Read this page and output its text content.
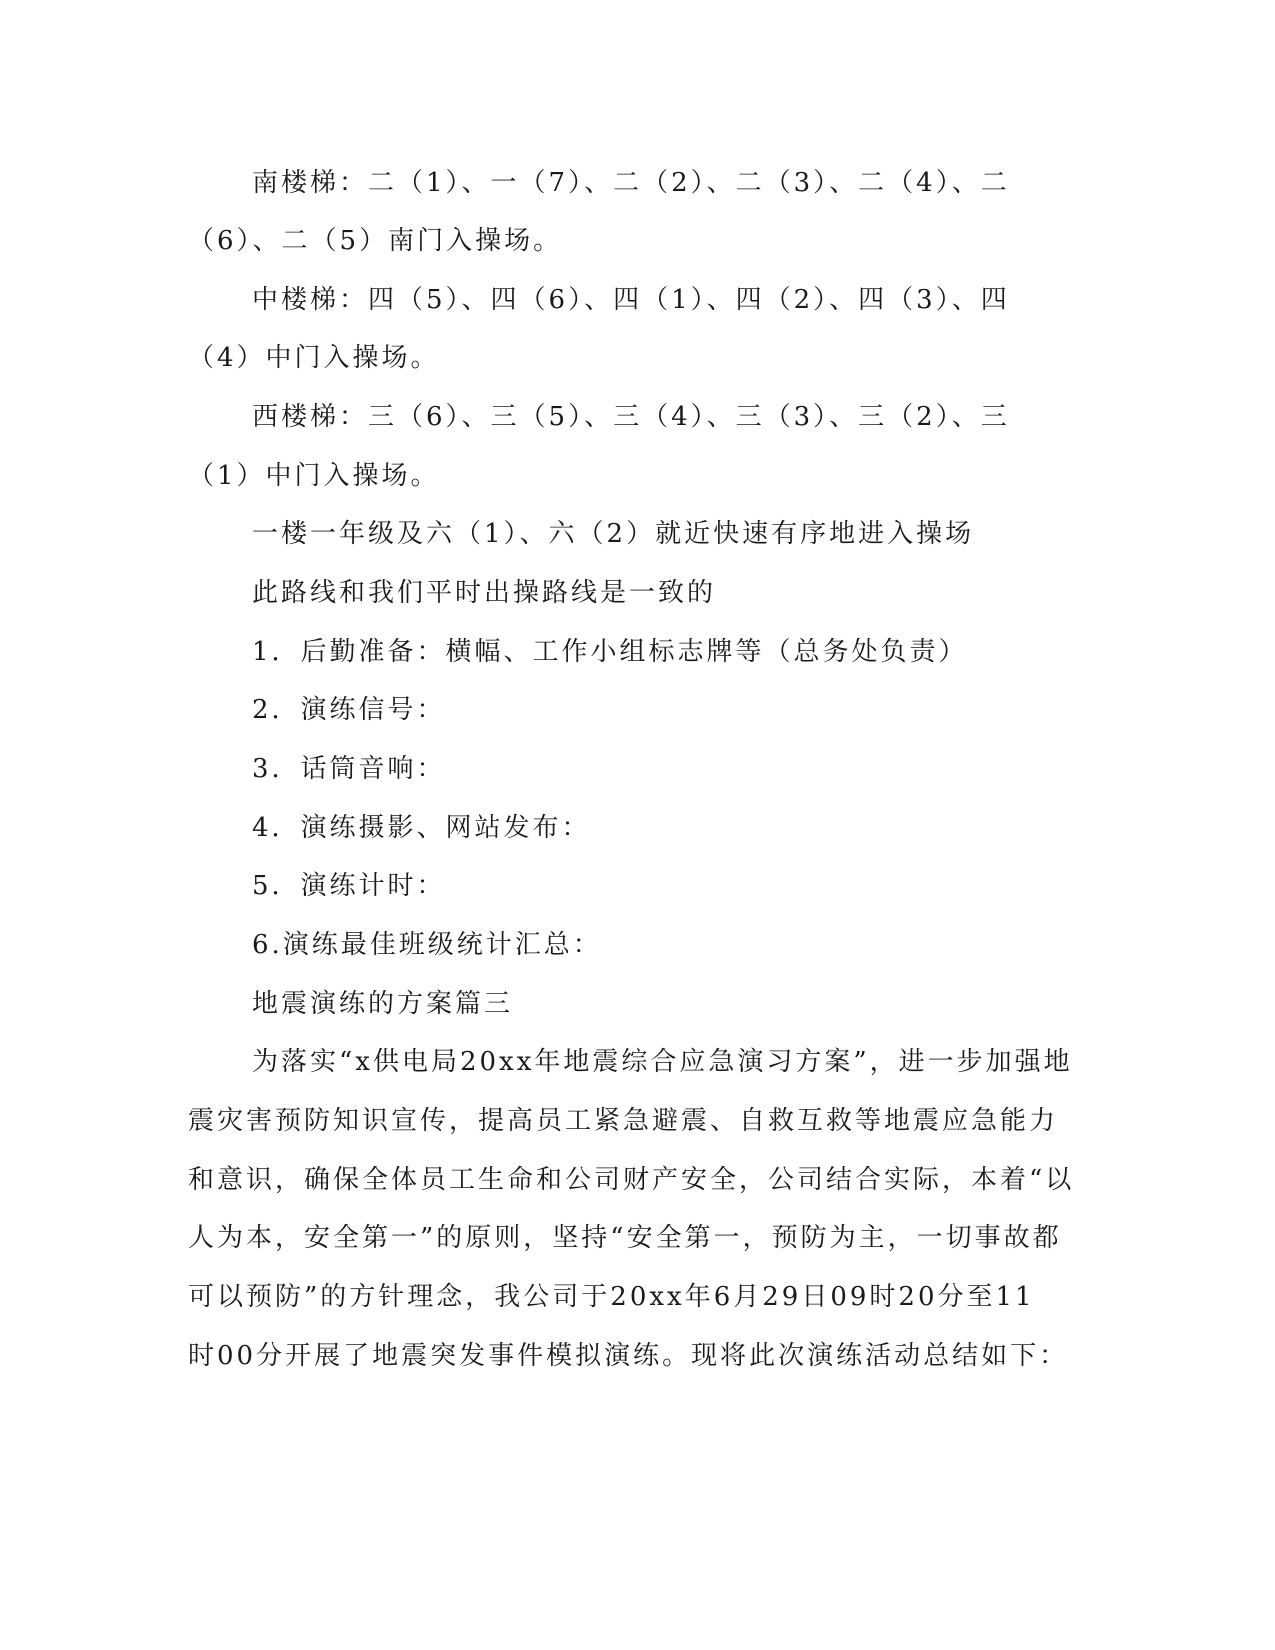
南楼梯：二（1）、一（7）、二（2）、二（3）、二（4）、二
（6）、二（5）南门入操场。
中楼梯：四（5）、四（6）、四（1）、四（2）、四（3）、四
（4）中门入操场。
西楼梯：三（6）、三（5）、三（4）、三（3）、三（2）、三
（1）中门入操场。
一楼一年级及六（1）、六（2）就近快速有序地进入操场
此路线和我们平时出操路线是一致的
1．后勤准备：横幅、工作小组标志牌等（总务处负责）
2．演练信号：
3．话筒音响：
4．演练摄影、网站发布：
5．演练计时：
6.演练最佳班级统计汇总：
地震演练的方案篇三
为落实“x供电局20xx年地震综合应急演习方案”，进一步加强地
震灾害预防知识宣传，提高员工紧急避震、自救互救等地震应急能力
和意识，确保全体员工生命和公司财产安全，公司结合实际，本着“以
人为本，安全第一”的原则，坚持“安全第一，预防为主，一切事故都
可以预防”的方针理念，我公司于20xx年6月29日09时20分至11
时00分开展了地震突发事件模拟演练。现将此次演练活动总结如下：
